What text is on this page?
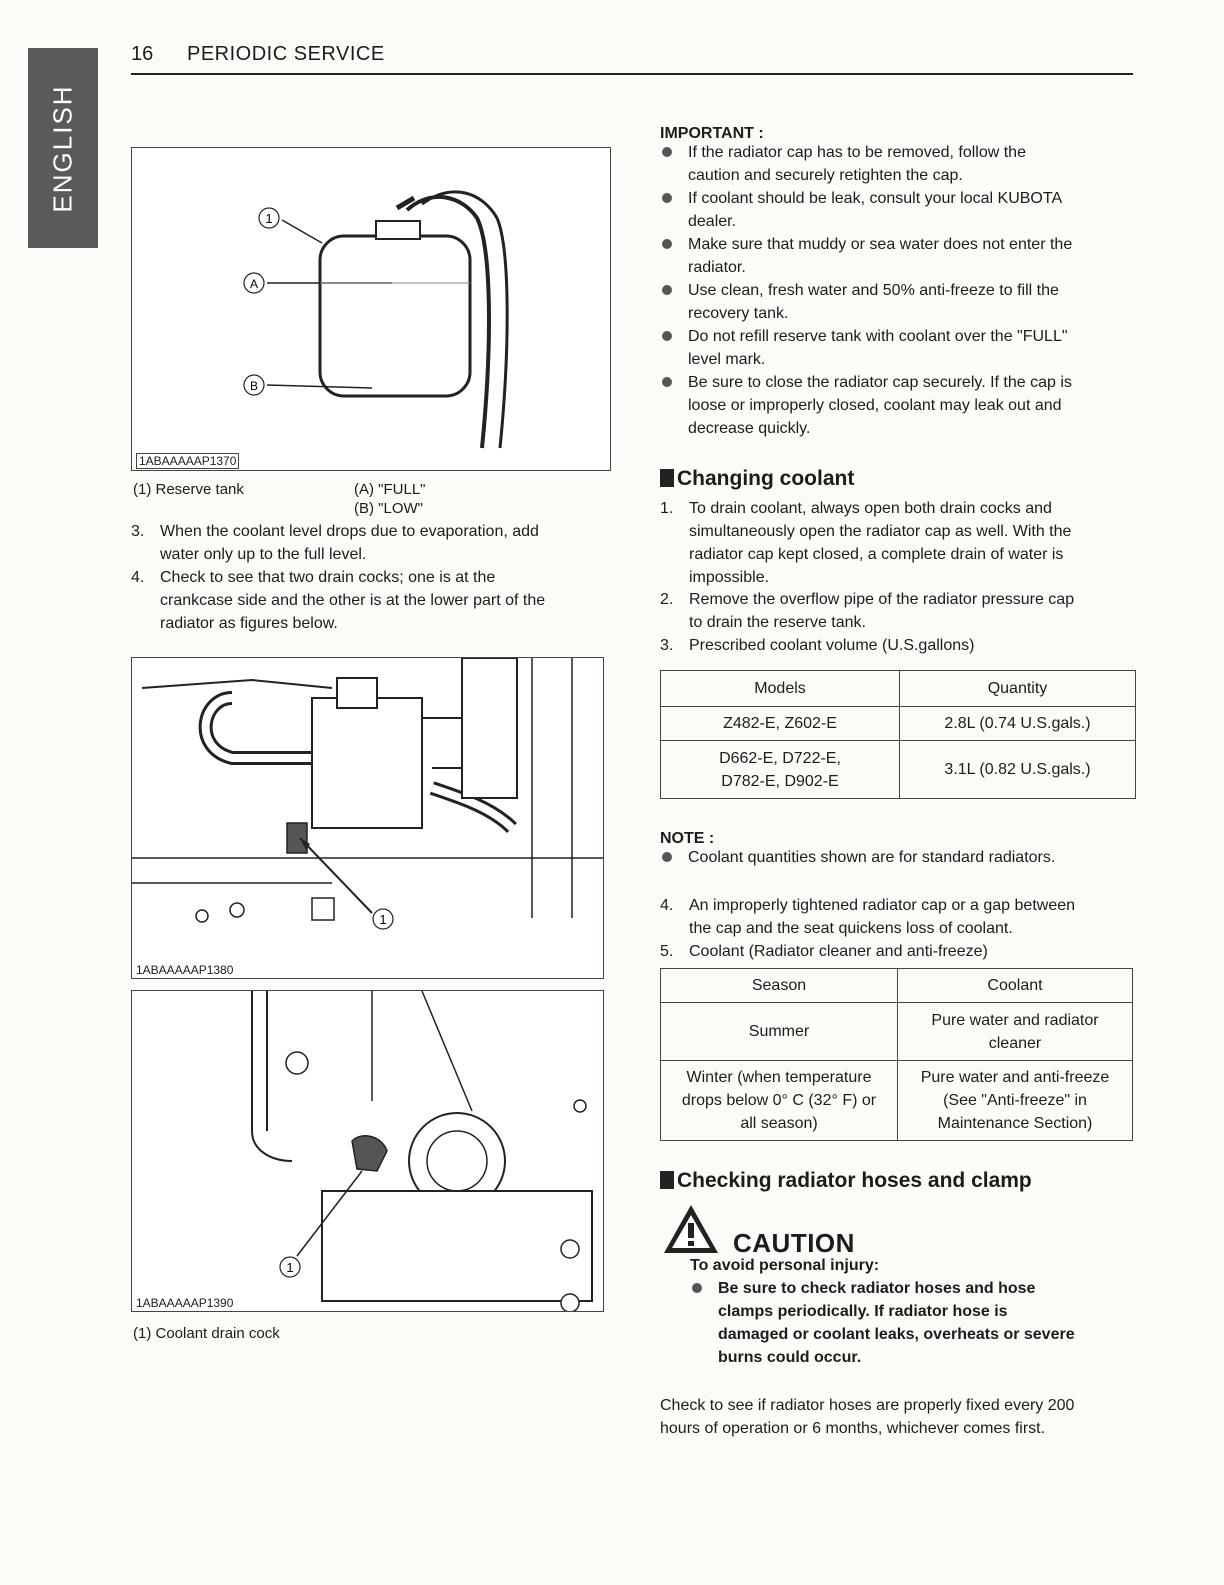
ENGLISH
16 PERIODIC SERVICE
1
A
B
1ABAAAAAP1370
(1) Reserve tank	(A) "FULL"
(B) "LOW"
3. When the coolant level drops due to evaporation, add
water only up to the full level.
4. Check to see that two drain cocks; one is at the
crankcase side and the other is at the lower part of the
radiator as figures below.
1
1ABAAAAAP1380
1
1ABAAAAAP1390
(1) Coolant drain cock
IMPORTANT :
If the radiator cap has to be removed, follow the
caution and securely retighten the cap.
If coolant should be leak, consult your local KUBOTA
dealer.
Make sure that muddy or sea water does not enter the
radiator.
Use clean, fresh water and 50% anti-freeze to fill the
recovery tank.
Do not refill reserve tank with coolant over the "FULL"
level mark.
Be sure to close the radiator cap securely. If the cap is
loose or improperly closed, coolant may leak out and
decrease quickly.
Changing coolant
1. To drain coolant, always open both drain cocks and
simultaneously open the radiator cap as well. With the
radiator cap kept closed, a complete drain of water is
impossible.
2. Remove the overflow pipe of the radiator pressure cap
to drain the reserve tank.
3. Prescribed coolant volume (U.S.gallons)
Models	Quantity
Z482-E, Z602-E	2.8L (0.74 U.S.gals.)
D662-E, D722-E,
D782-E, D902-E	3.1L (0.82 U.S.gals.)
NOTE :
Coolant quantities shown are for standard radiators.
4. An improperly tightened radiator cap or a gap between
the cap and the seat quickens loss of coolant.
5. Coolant (Radiator cleaner and anti-freeze)
Season	Coolant
Summer	Pure water and radiator
cleaner
Winter (when temperature
drops below 0° C (32° F) or
all season)	Pure water and anti-freeze
(See "Anti-freeze" in
Maintenance Section)
Checking radiator hoses and clamp
CAUTION
To avoid personal injury:
Be sure to check radiator hoses and hose
clamps periodically. If radiator hose is
damaged or coolant leaks, overheats or severe
burns could occur.
Check to see if radiator hoses are properly fixed every 200
hours of operation or 6 months, whichever comes first.
